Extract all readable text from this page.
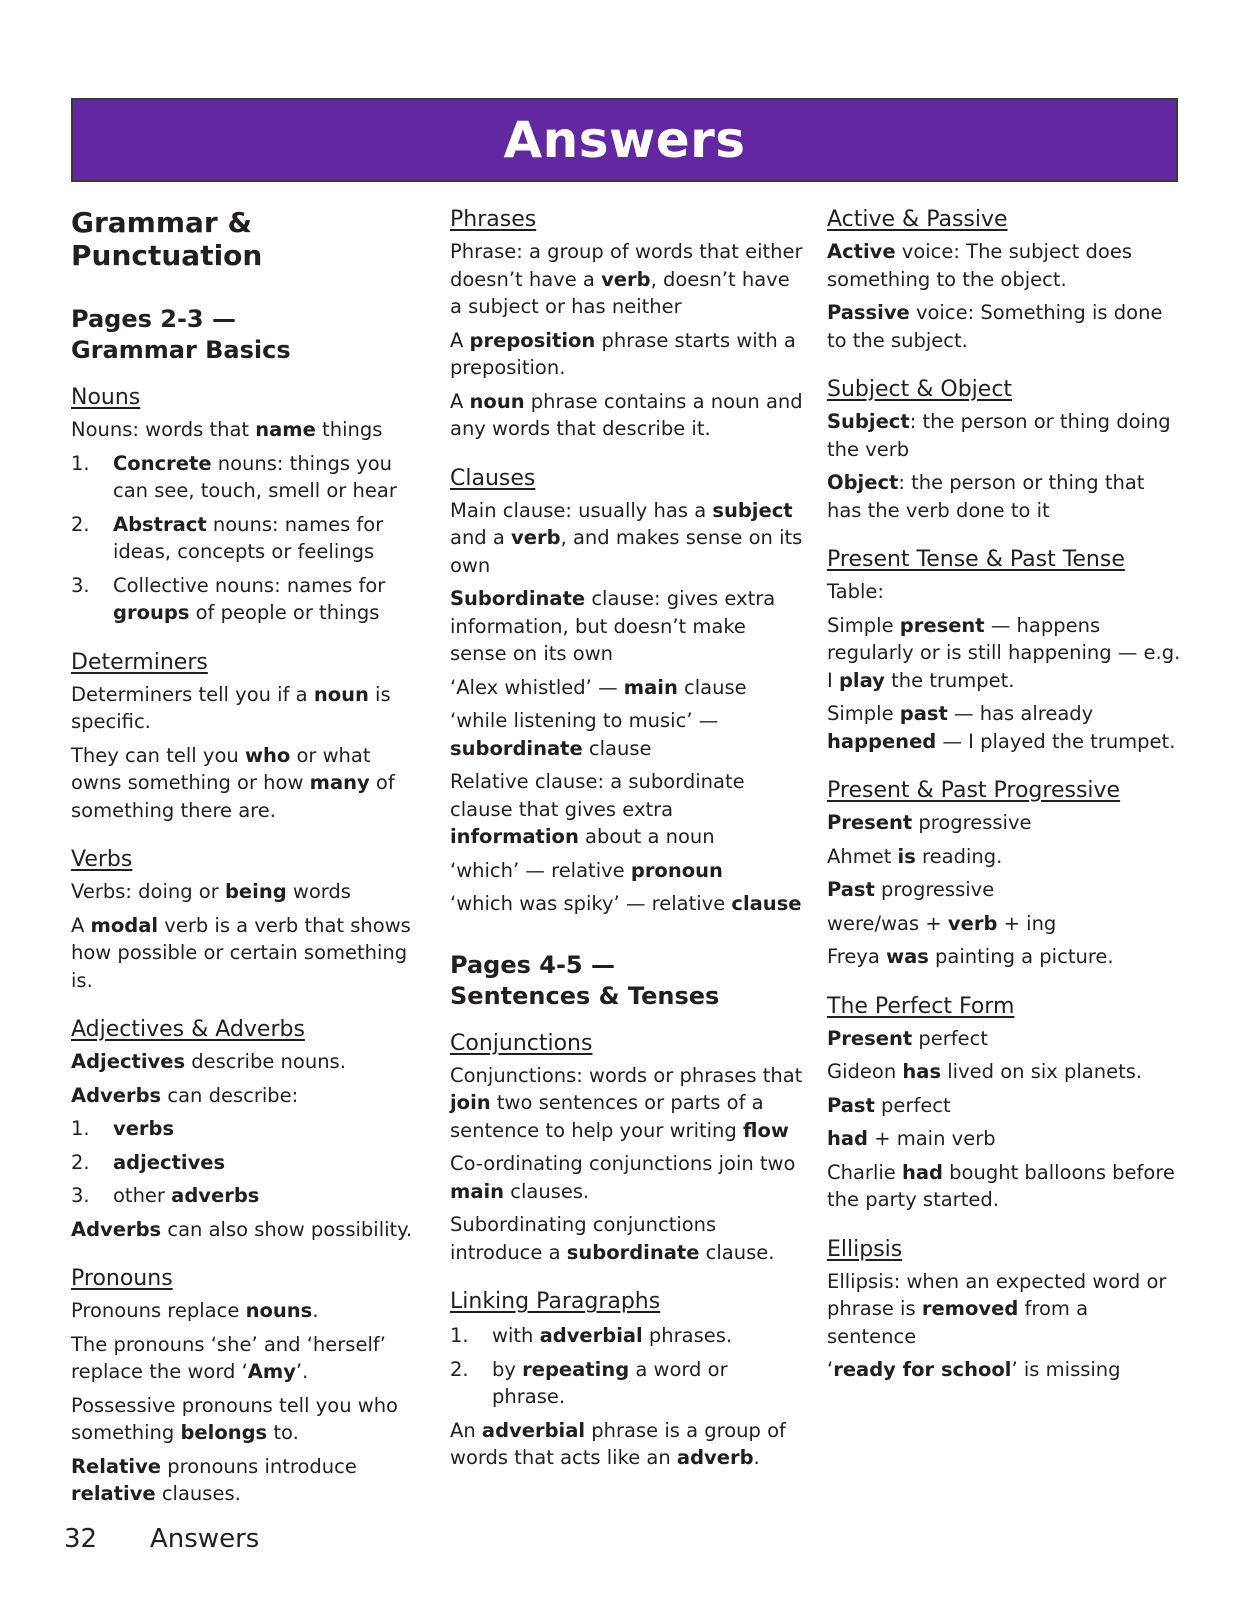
Answers
Grammar &
Punctuation
Pages 2-3 —
Grammar Basics
Nouns

Nouns: words that name things

1. Concrete nouns: things you can see, touch, smell or hear
2. Abstract nouns: names for ideas, concepts or feelings
3. Collective nouns: names for groups of people or things
Determiners

Determiners tell you if a noun is specific.

They can tell you who or what owns something or how many of something there are.

Verbs

Verbs: doing or being words

A modal verb is a verb that shows how possible or certain something is.

Adjectives & Adverbs

Adjectives describe nouns.

Adverbs can describe:

1. verbs
2. adjectives
3. other adverbs

Adverbs can also show possibility.

Pronouns

Pronouns replace nouns.

The pronouns ‘she’ and ‘herself’ replace the word ‘Amy’.

Possessive pronouns tell you who something belongs to.

Relative pronouns introduce relative clauses.

Phrases

Phrase: a group of words that either doesn’t have a verb, doesn’t have a subject or has neither

A preposition phrase starts with a preposition.

A noun phrase contains a noun and any words that describe it.

Clauses

Main clause: usually has a subject and a verb, and makes sense on its own

Subordinate clause: gives extra information, but doesn’t make sense on its own

‘Alex whistled’ — main clause

‘while listening to music’ — subordinate clause

Relative clause: a subordinate clause that gives extra information about a noun

‘which’ — relative pronoun

‘which was spiky’ — relative clause

Pages 4-5 —
Sentences & Tenses
Conjunctions

Conjunctions: words or phrases that join two sentences or parts of a sentence to help your writing flow

Co-ordinating conjunctions join two main clauses.

Subordinating conjunctions introduce a subordinate clause.

Linking Paragraphs
1. with adverbial phrases.
2. by repeating a word or phrase.

An adverbial phrase is a group of words that acts like an adverb.

Active & Passive

Active voice: The subject does something to the object.

Passive voice: Something is done to the subject.

Subject & Object

Subject: the person or thing doing the verb

Object: the person or thing that has the verb done to it

Present Tense & Past Tense

Table:

Simple present — happens regularly or is still happening — e.g. I play the trumpet.

Simple past — has already happened — I played the trumpet.

Present & Past Progressive

Present progressive

Ahmet is reading.

Past progressive

were/was + verb + ing

Freya was painting a picture.

The Perfect Form

Present perfect

Gideon has lived on six planets.

Past perfect

had + main verb

Charlie had bought balloons before the party started.

Ellipsis

Ellipsis: when an expected word or phrase is removed from a sentence

‘ready for school’ is missing

32 Answers
